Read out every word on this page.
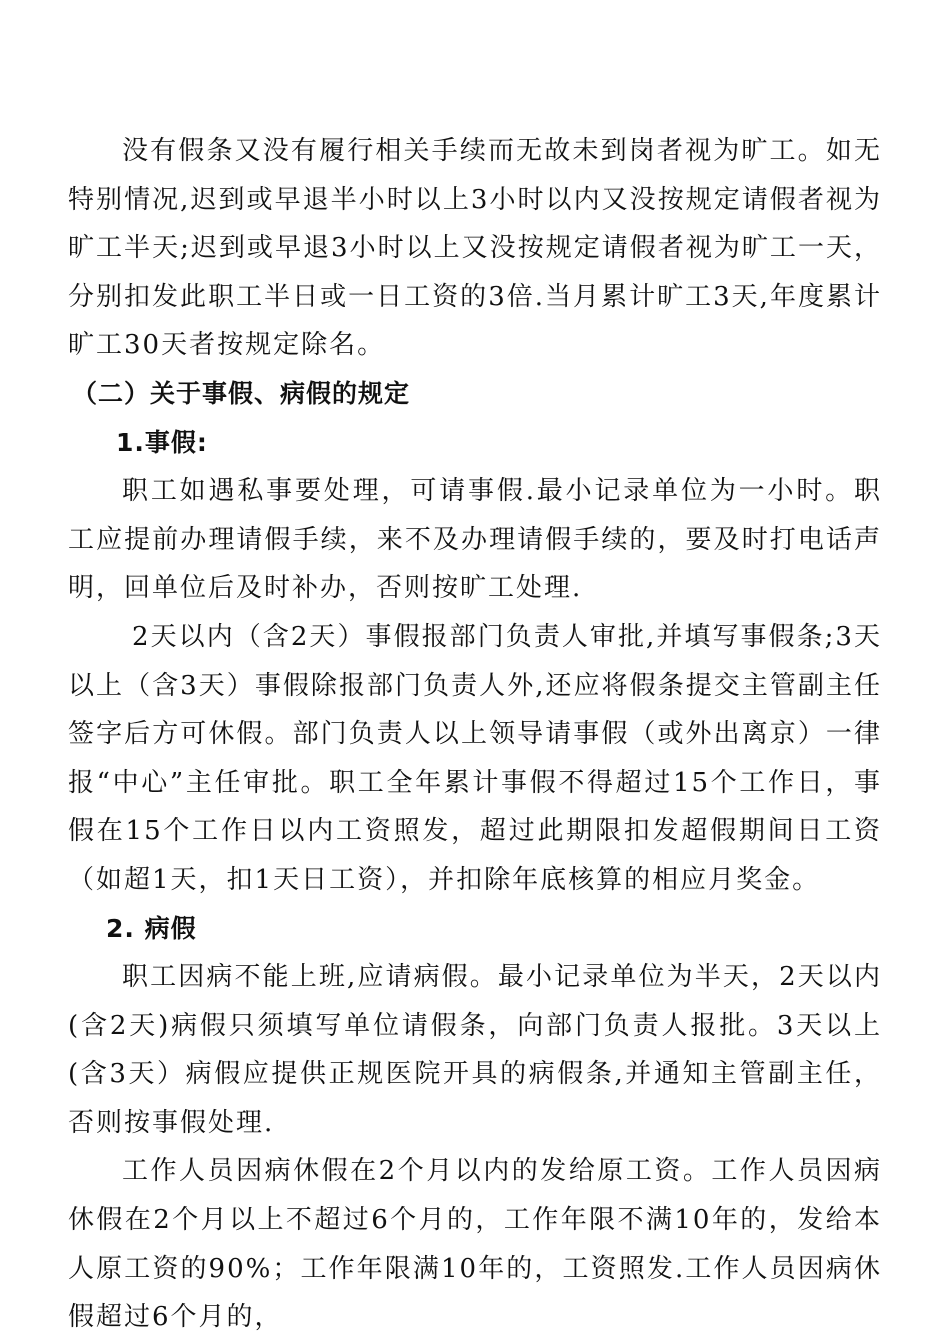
没有假条又没有履行相关手续而无故未到岗者视为旷工。如无特别情况,迟到或早退半小时以上3小时以内又没按规定请假者视为旷工半天;迟到或早退3小时以上又没按规定请假者视为旷工一天，分别扣发此职工半日或一日工资的3倍.当月累计旷工3天,年度累计旷工30天者按规定除名。

（二）关于事假、病假的规定

1.事假:

职工如遇私事要处理，可请事假.最小记录单位为一小时。职工应提前办理请假手续，来不及办理请假手续的，要及时打电话声明，回单位后及时补办，否则按旷工处理.

2天以内（含2天）事假报部门负责人审批,并填写事假条;3天以上（含3天）事假除报部门负责人外,还应将假条提交主管副主任签字后方可休假。部门负责人以上领导请事假（或外出离京）一律报“中心”主任审批。职工全年累计事假不得超过15个工作日，事假在15个工作日以内工资照发，超过此期限扣发超假期间日工资（如超1天，扣1天日工资），并扣除年底核算的相应月奖金。

2. 病假

职工因病不能上班,应请病假。最小记录单位为半天，2天以内(含2天)病假只须填写单位请假条，向部门负责人报批。3天以上(含3天）病假应提供正规医院开具的病假条,并通知主管副主任，否则按事假处理.

工作人员因病休假在2个月以内的发给原工资。工作人员因病休假在2个月以上不超过6个月的，工作年限不满10年的，发给本人原工资的90%；工作年限满10年的，工资照发.工作人员因病休假超过6个月的，
